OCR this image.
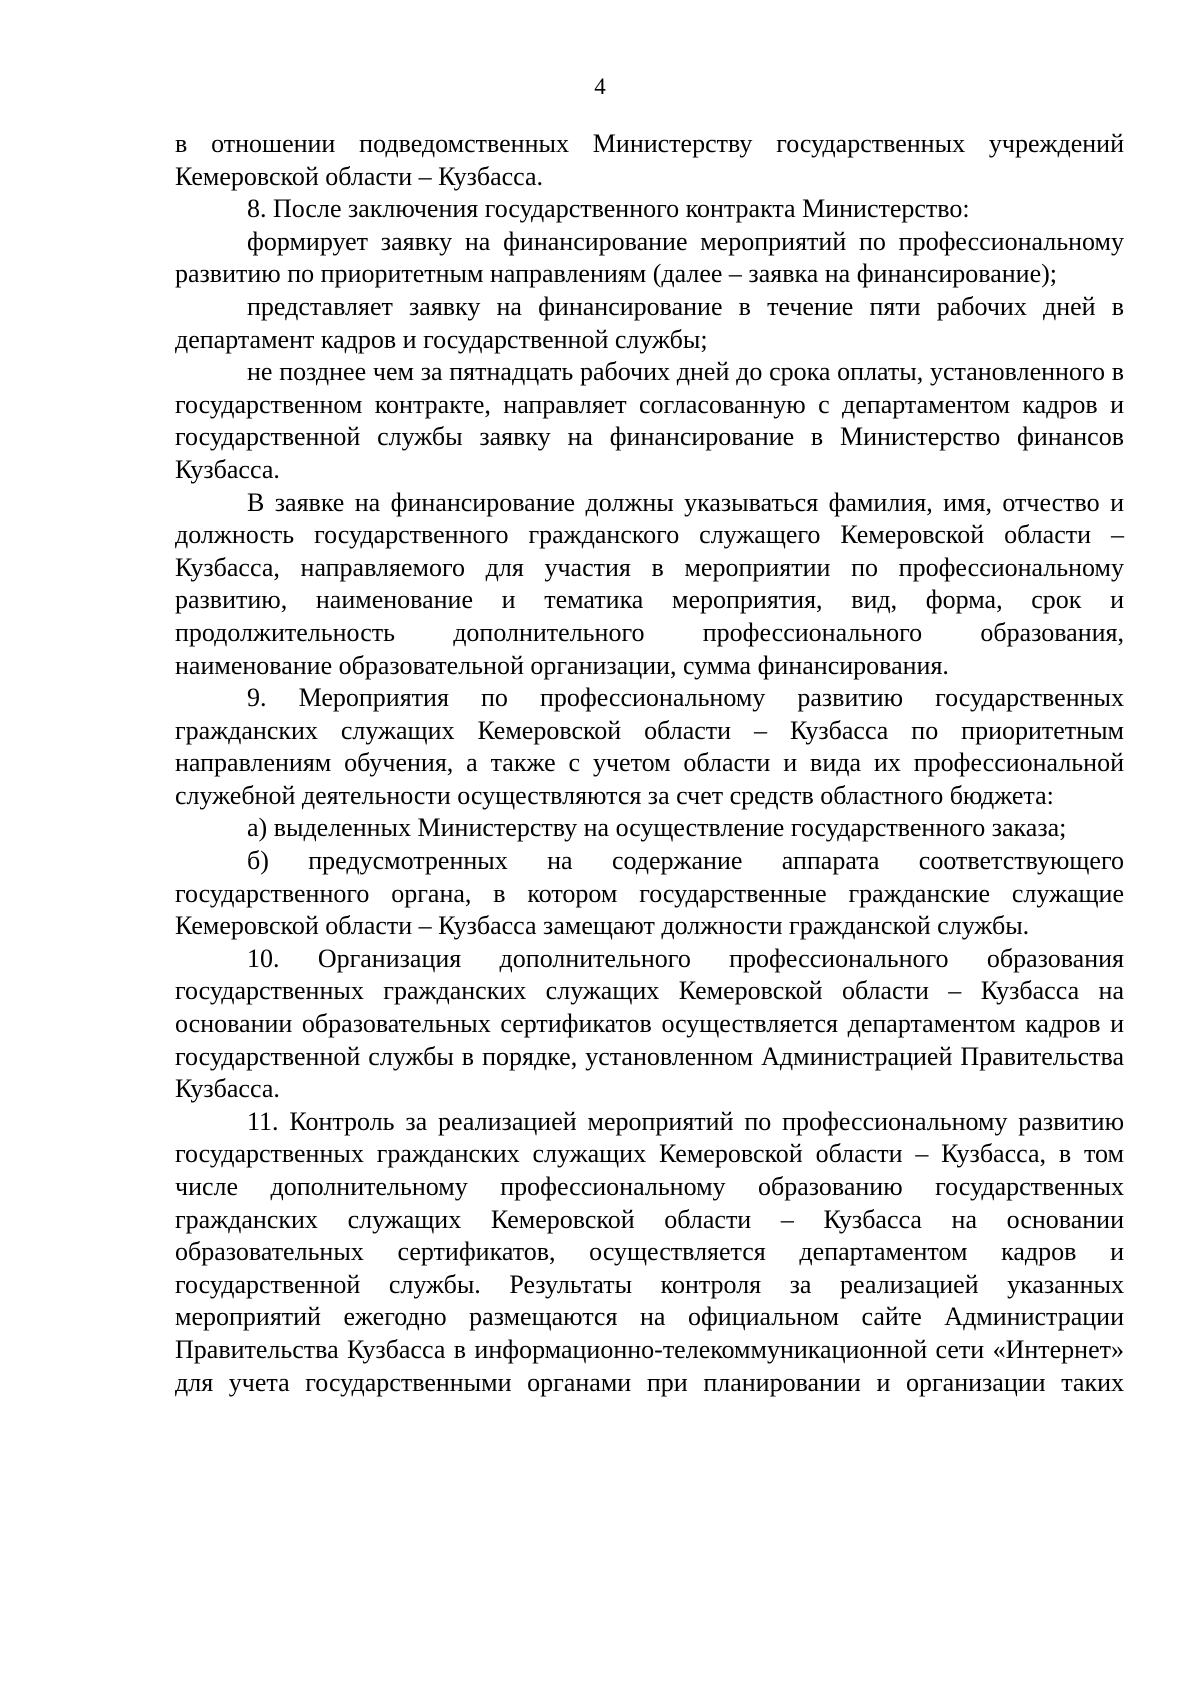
4

в отношении подведомственных Министерству государственных учреждений Кемеровской области – Кузбасса.

8. После заключения государственного контракта Министерство:

формирует заявку на финансирование мероприятий по профессиональному развитию по приоритетным направлениям (далее – заявка на финансирование);

представляет заявку на финансирование в течение пяти рабочих дней в департамент кадров и государственной службы;

не позднее чем за пятнадцать рабочих дней до срока оплаты, установленного в государственном контракте, направляет согласованную с департаментом кадров и государственной службы заявку на финансирование в Министерство финансов Кузбасса.

В заявке на финансирование должны указываться фамилия, имя, отчество и должность государственного гражданского служащего Кемеровской области – Кузбасса, направляемого для участия в мероприятии по профессиональному развитию, наименование и тематика мероприятия, вид, форма, срок и продолжительность дополнительного профессионального образования, наименование образовательной организации, сумма финансирования.

9. Мероприятия по профессиональному развитию государственных гражданских служащих Кемеровской области – Кузбасса по приоритетным направлениям обучения, а также с учетом области и вида их профессиональной служебной деятельности осуществляются за счет средств областного бюджета:

а) выделенных Министерству на осуществление государственного заказа;

б) предусмотренных на содержание аппарата соответствующего государственного органа, в котором государственные гражданские служащие Кемеровской области – Кузбасса замещают должности гражданской службы.

10. Организация дополнительного профессионального образования государственных гражданских служащих Кемеровской области – Кузбасса на основании образовательных сертификатов осуществляется департаментом кадров и государственной службы в порядке, установленном Администрацией Правительства Кузбасса.

11. Контроль за реализацией мероприятий по профессиональному развитию государственных гражданских служащих Кемеровской области – Кузбасса, в том числе дополнительному профессиональному образованию государственных гражданских служащих Кемеровской области – Кузбасса на основании образовательных сертификатов, осуществляется департаментом кадров и государственной службы. Результаты контроля за реализацией указанных мероприятий ежегодно размещаются на официальном сайте Администрации Правительства Кузбасса в информационно-телекоммуникационной сети «Интернет» для учета государственными органами при планировании и организации таких
